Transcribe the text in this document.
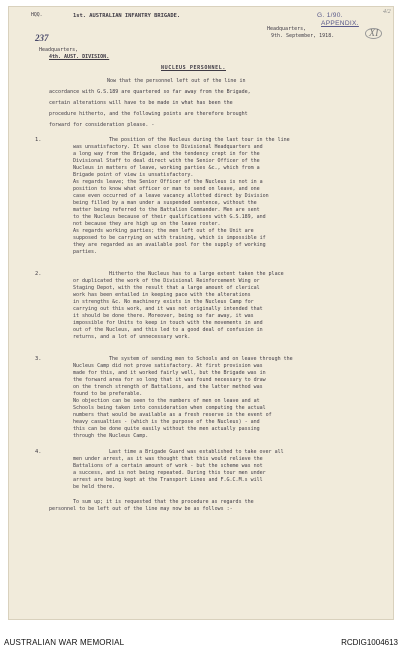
HQQ.	1st. AUSTRALIAN INFANTRY BRIGADE.	G. 1/90.
APPENDIX.
XI
4/2
237
Headquarters,
9th. September, 1918.
Headquarters,
4th. AUST. DIVISION.
NUCLEUS PERSONNEL.
Now that the personnel left out of the line in
accordance with G.S.189 are quartered so far away from the Brigade,
certain alterations will have to be made in what has been the
procedure hitherto, and the following points are therefore brought
forward for consideration please. -
1.	The position of the Nucleus during the last tour in the line
was unsatisfactory. It was close to Divisional Headquarters and
a long way from the Brigade, and the tendency crept in for the
Divisional Staff to deal direct with the Senior Officer of the
Nucleus in matters of leave, working parties &c., which from a
Brigade point of view is unsatisfactory.
As regards leave; the Senior Officer of the Nucleus is not in a
position to know what officer or man to send on leave, and one
case even occurred of a leave vacancy allotted direct by Division
being filled by a man under a suspended sentence, without the
matter being referred to the Battalion Commander. Men are sent
to the Nucleus because of their qualifications with G.S.189, and
not because they are high up on the leave roster.
As regards working parties; the men left out of the Unit are
supposed to be carrying on with training, which is impossible if
they are regarded as an available pool for the supply of working
parties.
2.	Hitherto the Nucleus has to a large extent taken the place
or duplicated the work of the Divisional Reinforcement Wing or
Staging Depot, with the result that a large amount of clerical
work has been entailed in keeping pace with the alterations
in strengths &c. No machinery exists in the Nucleus Camp for
carrying out this work, and it was not originally intended that
it should be done there. Moreover, being so far away, it was
impossible for Units to keep in touch with the movements in and
out of the Nucleus, and this led to a good deal of confusion in
returns, and a lot of unnecessary work.
3.	The system of sending men to Schools and on leave through the
Nucleus Camp did not prove satisfactory. At first provision was
made for this, and it worked fairly well, but the Brigade was in
the forward area for so long that it was found necessary to draw
on the trench strength of Battalions, and the latter method was
found to be preferable.
No objection can be seen to the numbers of men on leave and at
Schools being taken into consideration when computing the actual
numbers that would be available as a fresh reserve in the event of
heavy casualties - (which is the purpose of the Nucleus) - and
this can be done quite easily without the men actually passing
through the Nucleus Camp.
4.	Last time a Brigade Guard was established to take over all
men under arrest, as it was thought that this would relieve the
Battalions of a certain amount of work - but the scheme was not
a success, and is not being repeated. During this tour men under
arrest are being kept at the Transport Lines and F.G.C.M.s will
be held there.
To sum up; it is requested that the procedure as regards the
personnel to be left out of the line may now be as follows :-
AUSTRALIAN WAR MEMORIAL	RCDIG1004613
